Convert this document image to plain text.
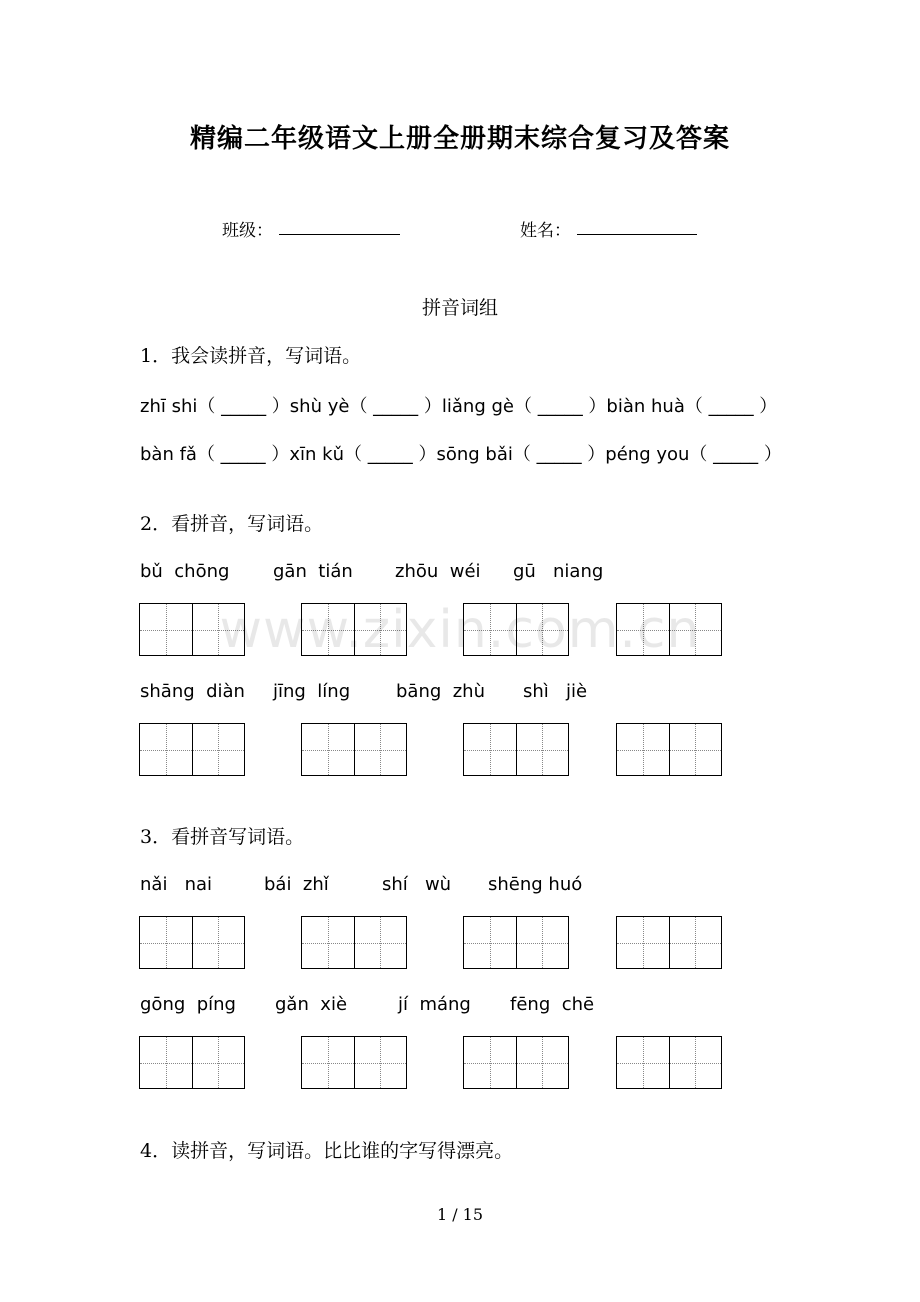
精编二年级语文上册全册期末综合复习及答案
班级：	姓名：
拼音词组
1．我会读拼音，写词语。
zhī shi（ _____ ）shù yè（ _____ ）liǎng gè（ _____ ）biàn huà（ _____ ）
bàn fǎ（ _____ ）xīn kǔ（ _____ ）sōng bǎi（ _____ ）péng you（ _____ ）
2．看拼音，写词语。
bǔ  chōng gān  tián zhōu  wéi gū   niang
shāng  diàn jīng  líng	bāng  zhù shì   jiè
3．看拼音写词语。
nǎi   nai	bái  zhǐ	shí   wù shēng huó
gōng  píng gǎn  xiè	jí  máng fēng  chē
4．读拼音，写词语。比比谁的字写得漂亮。
www.zixin.com.cn
1 / 15
